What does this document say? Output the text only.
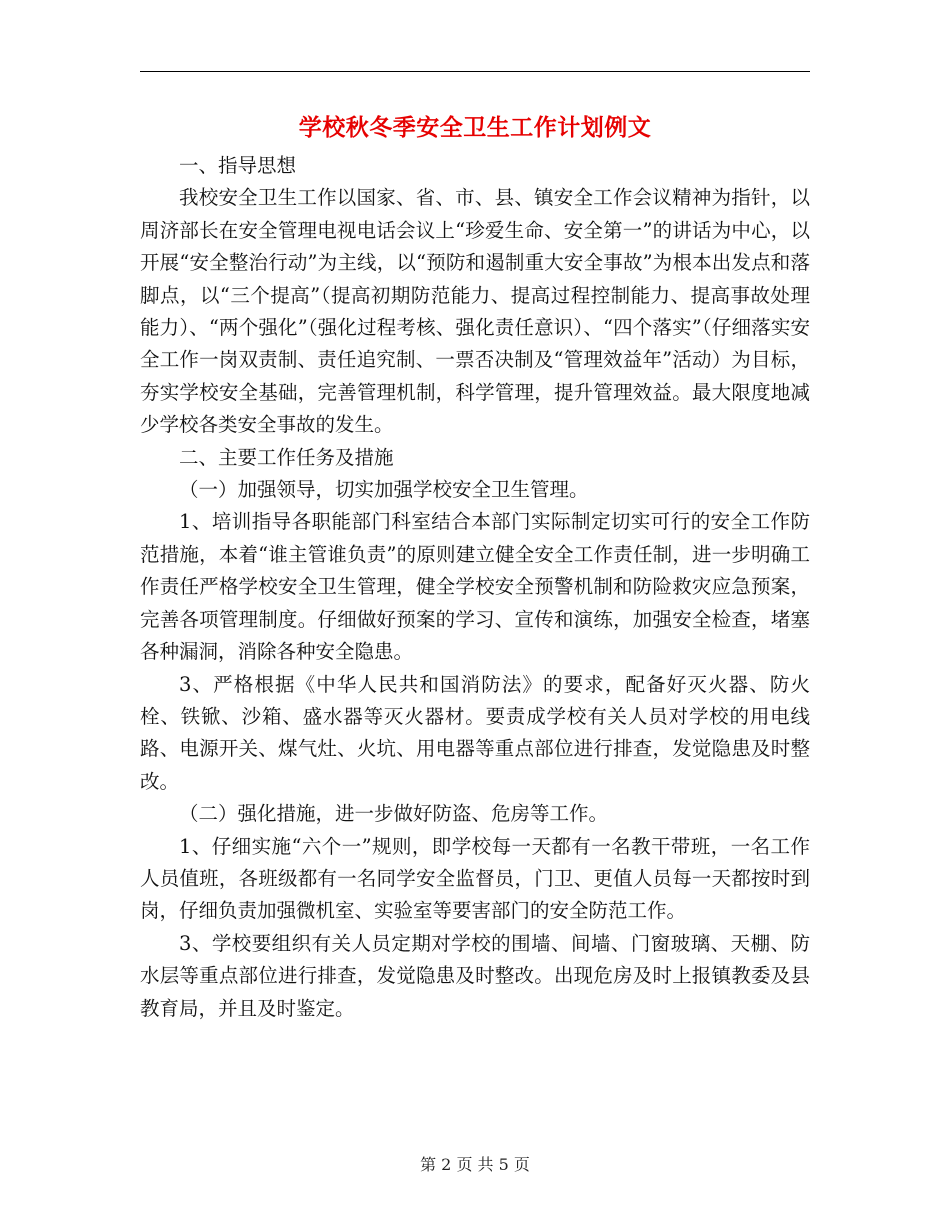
学校秋冬季安全卫生工作计划例文

一、指导思想

我校安全卫生工作以国家、省、市、县、镇安全工作会议精神为指针，以周济部长在安全管理电视电话会议上“珍爱生命、安全第一”的讲话为中心，以开展“安全整治行动”为主线，以“预防和遏制重大安全事故”为根本出发点和落脚点，以“三个提高”（提高初期防范能力、提高过程控制能力、提高事故处理能力）、“两个强化”（强化过程考核、强化责任意识）、“四个落实”（仔细落实安全工作一岗双责制、责任追究制、一票否决制及“管理效益年”活动）为目标，夯实学校安全基础，完善管理机制，科学管理，提升管理效益。最大限度地减少学校各类安全事故的发生。

二、主要工作任务及措施

（一）加强领导，切实加强学校安全卫生管理。

1、培训指导各职能部门科室结合本部门实际制定切实可行的安全工作防范措施，本着“谁主管谁负责”的原则建立健全安全工作责任制，进一步明确工作责任严格学校安全卫生管理，健全学校安全预警机制和防险救灾应急预案，完善各项管理制度。仔细做好预案的学习、宣传和演练，加强安全检查，堵塞各种漏洞，消除各种安全隐患。

3、严格根据《中华人民共和国消防法》的要求，配备好灭火器、防火栓、铁锨、沙箱、盛水器等灭火器材。要责成学校有关人员对学校的用电线路、电源开关、煤气灶、火坑、用电器等重点部位进行排查，发觉隐患及时整改。

（二）强化措施，进一步做好防盗、危房等工作。

1、仔细实施“六个一”规则，即学校每一天都有一名教干带班，一名工作人员值班，各班级都有一名同学安全监督员，门卫、更值人员每一天都按时到岗，仔细负责加强微机室、实验室等要害部门的安全防范工作。

3、学校要组织有关人员定期对学校的围墙、间墙、门窗玻璃、天棚、防水层等重点部位进行排查，发觉隐患及时整改。出现危房及时上报镇教委及县教育局，并且及时鉴定。

第 2 页 共 5 页
